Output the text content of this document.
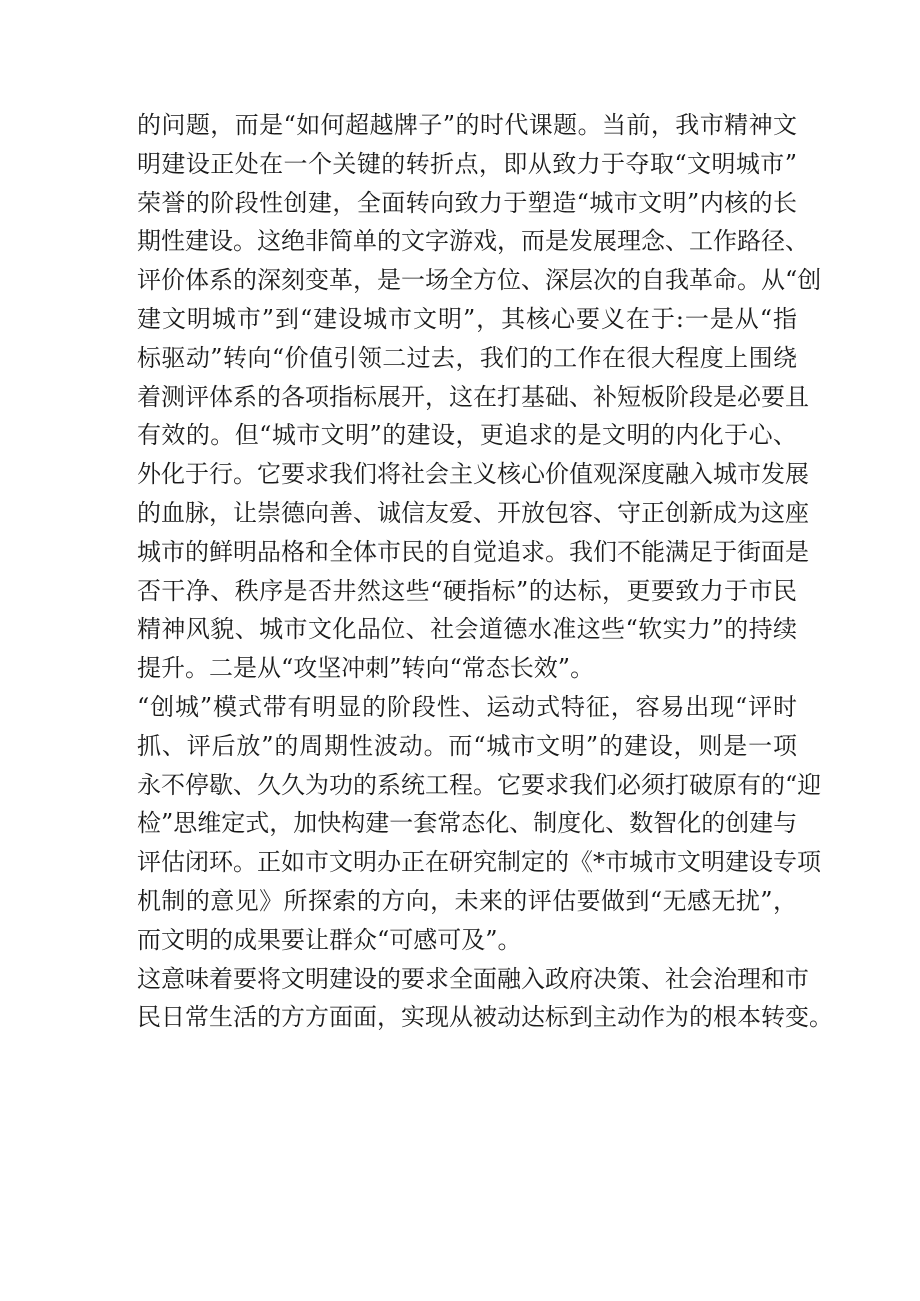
的问题，而是“如何超越牌子”的时代课题。当前，我市精神文
明建设正处在一个关键的转折点，即从致力于夺取“文明城市”
荣誉的阶段性创建，全面转向致力于塑造“城市文明”内核的长
期性建设。这绝非简单的文字游戏，而是发展理念、工作路径、
评价体系的深刻变革，是一场全方位、深层次的自我革命。从“创
建文明城市”到“建设城市文明”，其核心要义在于:一是从“指
标驱动”转向“价值引领二过去，我们的工作在很大程度上围绕
着测评体系的各项指标展开，这在打基础、补短板阶段是必要且
有效的。但“城市文明”的建设，更追求的是文明的内化于心、
外化于行。它要求我们将社会主义核心价值观深度融入城市发展
的血脉，让崇德向善、诚信友爱、开放包容、守正创新成为这座
城市的鲜明品格和全体市民的自觉追求。我们不能满足于街面是
否干净、秩序是否井然这些“硬指标”的达标，更要致力于市民
精神风貌、城市文化品位、社会道德水准这些“软实力”的持续
提升。二是从“攻坚冲刺”转向“常态长效”。
“创城”模式带有明显的阶段性、运动式特征，容易出现“评时
抓、评后放”的周期性波动。而“城市文明”的建设，则是一项
永不停歇、久久为功的系统工程。它要求我们必须打破原有的“迎
检”思维定式，加快构建一套常态化、制度化、数智化的创建与
评估闭环。正如市文明办正在研究制定的《*市城市文明建设专项
机制的意见》所探索的方向，未来的评估要做到“无感无扰”，
而文明的成果要让群众“可感可及”。
这意味着要将文明建设的要求全面融入政府决策、社会治理和市
民日常生活的方方面面，实现从被动达标到主动作为的根本转变。
